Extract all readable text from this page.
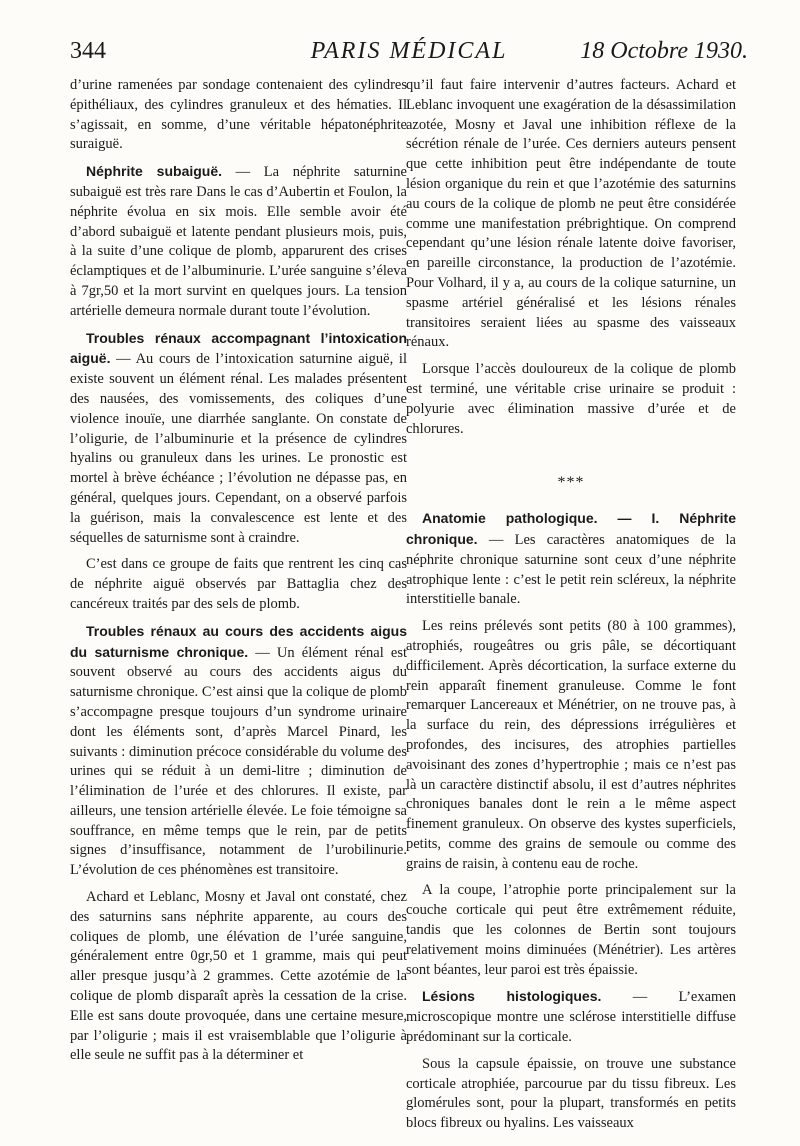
344	PARIS MÉDICAL	18 Octobre 1930.

d’urine ramenées par sondage contenaient des cylindres épithéliaux, des cylindres granuleux et des hématies. Il s’agissait, en somme, d’une véritable hépatonéphrite suraiguë.

Néphrite subaiguë. — La néphrite saturnine subaiguë est très rare Dans le cas d’Aubertin et Foulon, la néphrite évolua en six mois. Elle semble avoir été d’abord subaiguë et latente pendant plusieurs mois, puis, à la suite d’une colique de plomb, apparurent des crises éclamptiques et de l’albuminurie. L’urée sanguine s’éleva à 7gr,50 et la mort survint en quelques jours. La tension artérielle demeura normale durant toute l’évolution.

Troubles rénaux accompagnant l’intoxication aiguë. — Au cours de l’intoxication saturnine aiguë, il existe souvent un élément rénal. Les malades présentent des nausées, des vomissements, des coliques d’une violence inouïe, une diarrhée sanglante. On constate de l’oligurie, de l’albuminurie et la présence de cylindres hyalins ou granuleux dans les urines. Le pronostic est mortel à brève échéance ; l’évolution ne dépasse pas, en général, quelques jours. Cependant, on a observé parfois la guérison, mais la convalescence est lente et des séquelles de saturnisme sont à craindre.

C’est dans ce groupe de faits que rentrent les cinq cas de néphrite aiguë observés par Battaglia chez des cancéreux traités par des sels de plomb.

Troubles rénaux au cours des accidents aigus du saturnisme chronique. — Un élément rénal est souvent observé au cours des accidents aigus du saturnisme chronique. C’est ainsi que la colique de plomb s’accompagne presque toujours d’un syndrome urinaire dont les éléments sont, d’après Marcel Pinard, les suivants : diminution précoce considérable du volume des urines qui se réduit à un demi-litre ; diminution de l’élimination de l’urée et des chlorures. Il existe, par ailleurs, une tension artérielle élevée. Le foie témoigne sa souffrance, en même temps que le rein, par de petits signes d’insuffisance, notamment de l’urobilinurie. L’évolution de ces phénomènes est transitoire.

Achard et Leblanc, Mosny et Javal ont constaté, chez des saturnins sans néphrite apparente, au cours des coliques de plomb, une élévation de l’urée sanguine, généralement entre 0gr,50 et 1 gramme, mais qui peut aller presque jusqu’à 2 grammes. Cette azotémie de la colique de plomb disparaît après la cessation de la crise. Elle est sans doute provoquée, dans une certaine mesure, par l’oligurie ; mais il est vraisemblable que l’oligurie à elle seule ne suffit pas à la déterminer et

qu’il faut faire intervenir d’autres facteurs. Achard et Leblanc invoquent une exagération de la désassimilation azotée, Mosny et Javal une inhibition réflexe de la sécrétion rénale de l’urée. Ces derniers auteurs pensent que cette inhibition peut être indépendante de toute lésion organique du rein et que l’azotémie des saturnins au cours de la colique de plomb ne peut être considérée comme une manifestation prébrightique. On comprend cependant qu’une lésion rénale latente doive favoriser, en pareille circonstance, la production de l’azotémie. Pour Volhard, il y a, au cours de la colique saturnine, un spasme artériel généralisé et les lésions rénales transitoires seraient liées au spasme des vaisseaux rénaux.

Lorsque l’accès douloureux de la colique de plomb est terminé, une véritable crise urinaire se produit : polyurie avec élimination massive d’urée et de chlorures.

***

Anatomie pathologique. — I. Néphrite chronique. — Les caractères anatomiques de la néphrite chronique saturnine sont ceux d’une néphrite atrophique lente : c’est le petit rein scléreux, la néphrite interstitielle banale.

Les reins prélevés sont petits (80 à 100 grammes), atrophiés, rougeâtres ou gris pâle, se décortiquant difficilement. Après décortication, la surface externe du rein apparaît finement granuleuse. Comme le font remarquer Lancereaux et Ménétrier, on ne trouve pas, à la surface du rein, des dépressions irrégulières et profondes, des incisures, des atrophies partielles avoisinant des zones d’hypertrophie ; mais ce n’est pas là un caractère distinctif absolu, il est d’autres néphrites chroniques banales dont le rein a le même aspect finement granuleux. On observe des kystes superficiels, petits, comme des grains de semoule ou comme des grains de raisin, à contenu eau de roche.

A la coupe, l’atrophie porte principalement sur la couche corticale qui peut être extrêmement réduite, tandis que les colonnes de Bertin sont toujours relativement moins diminuées (Ménétrier). Les artères sont béantes, leur paroi est très épaissie.

Lésions histologiques. — L’examen microscopique montre une sclérose interstitielle diffuse prédominant sur la corticale.

Sous la capsule épaissie, on trouve une substance corticale atrophiée, parcourue par du tissu fibreux. Les glomérules sont, pour la plupart, transformés en petits blocs fibreux ou hyalins. Les vaisseaux
